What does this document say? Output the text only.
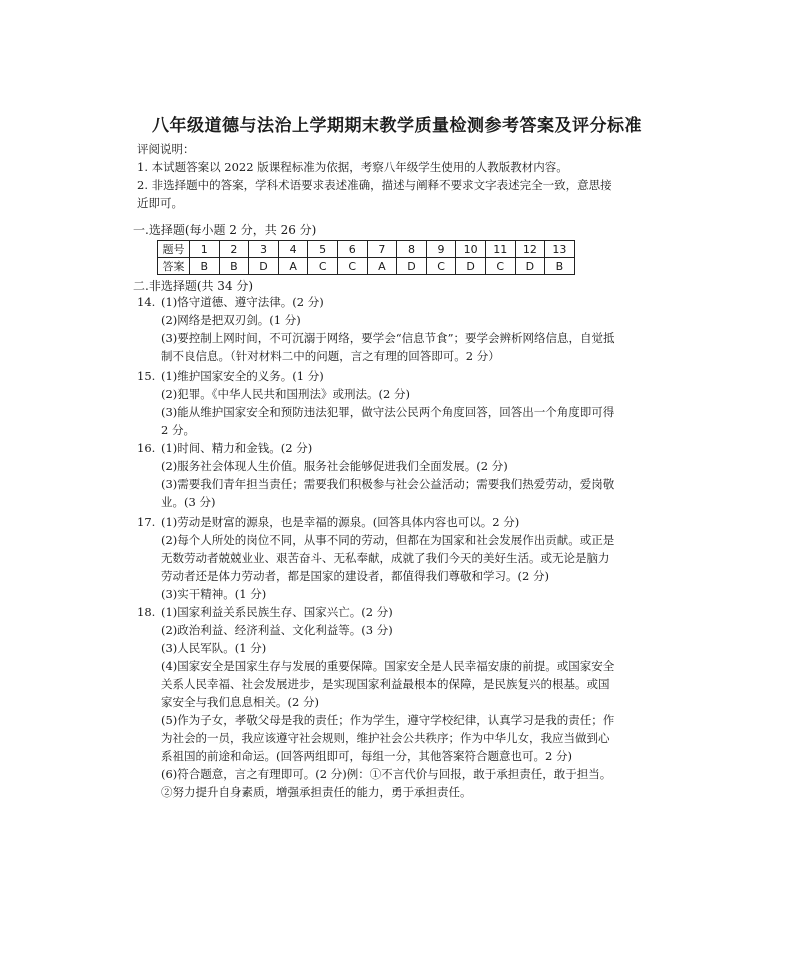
八年级道德与法治上学期期末教学质量检测参考答案及评分标准
评阅说明：
1. 本试题答案以 2022 版课程标准为依据，考察八年级学生使用的人教版教材内容。
2. 非选择题中的答案，学科术语要求表述准确，描述与阐释不要求文字表述完全一致，意思接近即可。
一.选择题(每小题 2 分，共 26 分)
题号	1	2	3	4	5	6	7	8	9	10	11	12	13
答案	B	B	D	A	C	C	A	D	C	D	C	D	B
二.非选择题(共 34 分)
14. (1)恪守道德、遵守法律。(2 分)
(2)网络是把双刃剑。(1 分)
(3)要控制上网时间，不可沉溺于网络，要学会“信息节食”；要学会辨析网络信息，自觉抵制不良信息。（针对材料二中的问题，言之有理的回答即可。2 分）
15. (1)维护国家安全的义务。(1 分)
(2)犯罪。《中华人民共和国刑法》或刑法。(2 分)
(3)能从维护国家安全和预防违法犯罪，做守法公民两个角度回答，回答出一个角度即可得 2 分。
16. (1)时间、精力和金钱。(2 分)
(2)服务社会体现人生价值。服务社会能够促进我们全面发展。(2 分)
(3)需要我们青年担当责任；需要我们积极参与社会公益活动；需要我们热爱劳动，爱岗敬业。(3 分)
17. (1)劳动是财富的源泉，也是幸福的源泉。(回答具体内容也可以。2 分)
(2)每个人所处的岗位不同，从事不同的劳动，但都在为国家和社会发展作出贡献。或正是无数劳动者兢兢业业、艰苦奋斗、无私奉献，成就了我们今天的美好生活。或无论是脑力劳动者还是体力劳动者，都是国家的建设者，都值得我们尊敬和学习。(2 分)
(3)实干精神。(1 分)
18. (1)国家利益关系民族生存、国家兴亡。(2 分)
(2)政治利益、经济利益、文化利益等。(3 分)
(3)人民军队。(1 分)
(4)国家安全是国家生存与发展的重要保障。国家安全是人民幸福安康的前提。或国家安全关系人民幸福、社会发展进步，是实现国家利益最根本的保障，是民族复兴的根基。或国家安全与我们息息相关。(2 分)
(5)作为子女，孝敬父母是我的责任；作为学生，遵守学校纪律，认真学习是我的责任；作为社会的一员，我应该遵守社会规则，维护社会公共秩序；作为中华儿女，我应当做到心系祖国的前途和命运。(回答两组即可，每组一分，其他答案符合题意也可。2 分)
(6)符合题意，言之有理即可。(2 分)例：①不言代价与回报，敢于承担责任，敢于担当。②努力提升自身素质，增强承担责任的能力，勇于承担责任。
